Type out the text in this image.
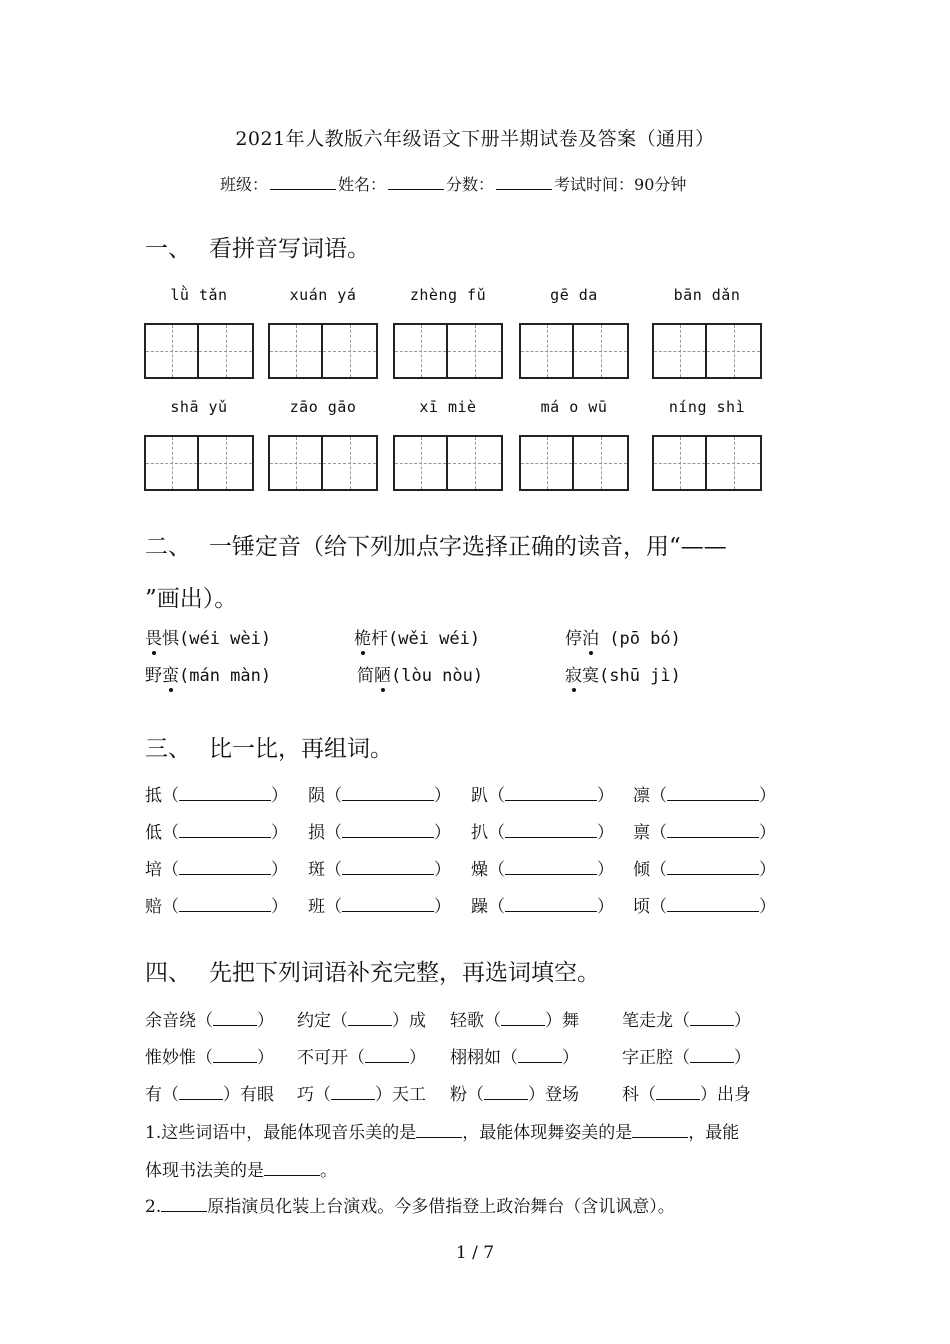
2021年人教版六年级语文下册半期试卷及答案（通用）
班级：	姓名：	分数：	考试时间：90分钟
一、 看拼音写词语。
lǜ tǎn	xuán yá	zhèng fǔ	gē da	bān dǎn
shā yǔ	zāo gāo	xī miè	má o wū	níng shì
二、 一锤定音（给下列加点字选择正确的读音，用“——
”画出）。
畏惧(wéi wèi)	桅杆(wěi wéi)	停泊 (pō bó)
野蛮(mán màn)	简陋(lòu nòu)	寂寞(shū jì)
三、 比一比，再组词。
抵（	） 陨（	） 趴（	） 凛（	）
低（	） 损（	） 扒（	） 禀（	）
培（	） 斑（	） 燥（	） 倾（	）
赔（	） 班（	） 躁（	） 顷（	）
四、 先把下列词语补充完整，再选词填空。
余音绕（	） 约定（	）成 轻歌（	）舞	笔走龙（	）
惟妙惟（	） 不可开（	） 栩栩如（	）	字正腔（	）
有（	）有眼 巧（	）天工 粉（	）登场	科（	）出身
1.这些词语中，最能体现音乐美的是	，最能体现舞姿美的是	，最能
体现书法美的是	。
2.	原指演员化装上台演戏。今多借指登上政治舞台（含讥讽意）。
1 / 7
